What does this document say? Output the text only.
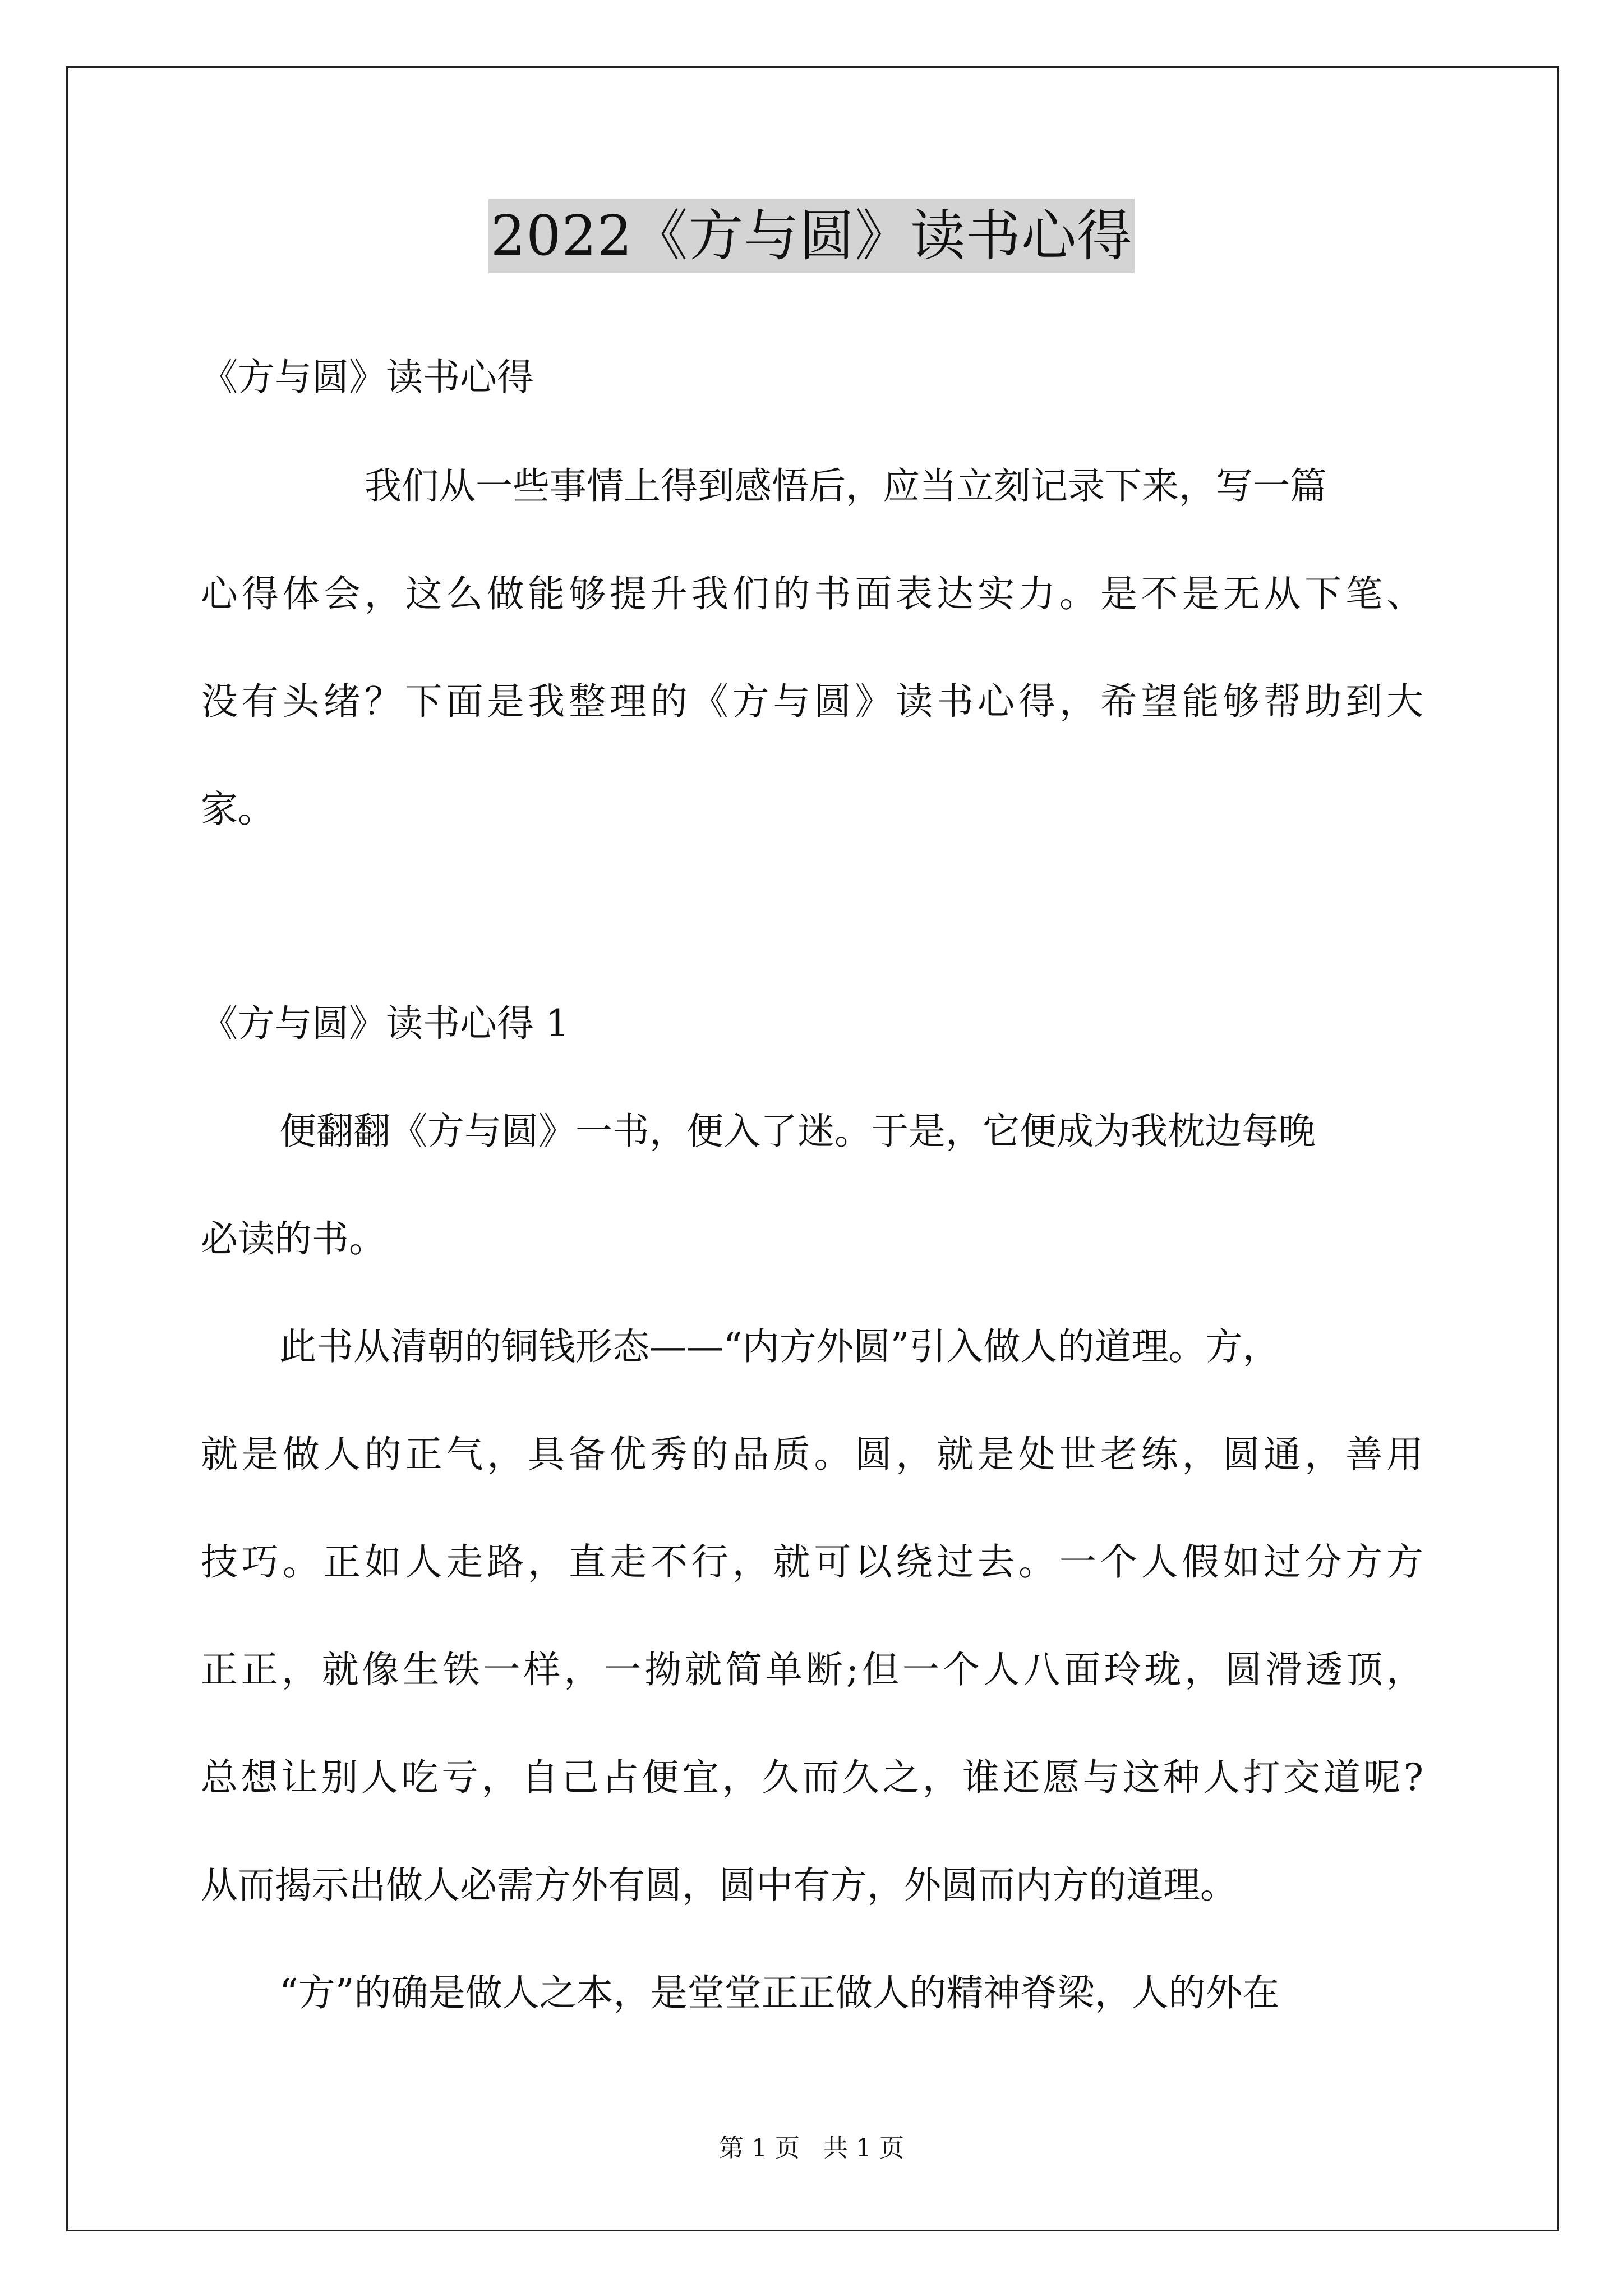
2022《方与圆》读书心得
《方与圆》读书心得
我们从一些事情上得到感悟后，应当立刻记录下来，写一篇
心得体会，这么做能够提升我们的书面表达实力。是不是无从下笔、
没有头绪？下面是我整理的《方与圆》读书心得，希望能够帮助到大
家。
《方与圆》读书心得 1
便翻翻《方与圆》一书，便入了迷。于是，它便成为我枕边每晚
必读的书。
此书从清朝的铜钱形态——“内方外圆”引入做人的道理。方，
就是做人的正气，具备优秀的品质。圆，就是处世老练，圆通，善用
技巧。正如人走路，直走不行，就可以绕过去。一个人假如过分方方
正正，就像生铁一样，一拗就简单断;但一个人八面玲珑，圆滑透顶，
总想让别人吃亏，自己占便宜，久而久之，谁还愿与这种人打交道呢?
从而揭示出做人必需方外有圆，圆中有方，外圆而内方的道理。
“方”的确是做人之本，是堂堂正正做人的精神脊梁，人的外在
第 1 页 共 1 页
